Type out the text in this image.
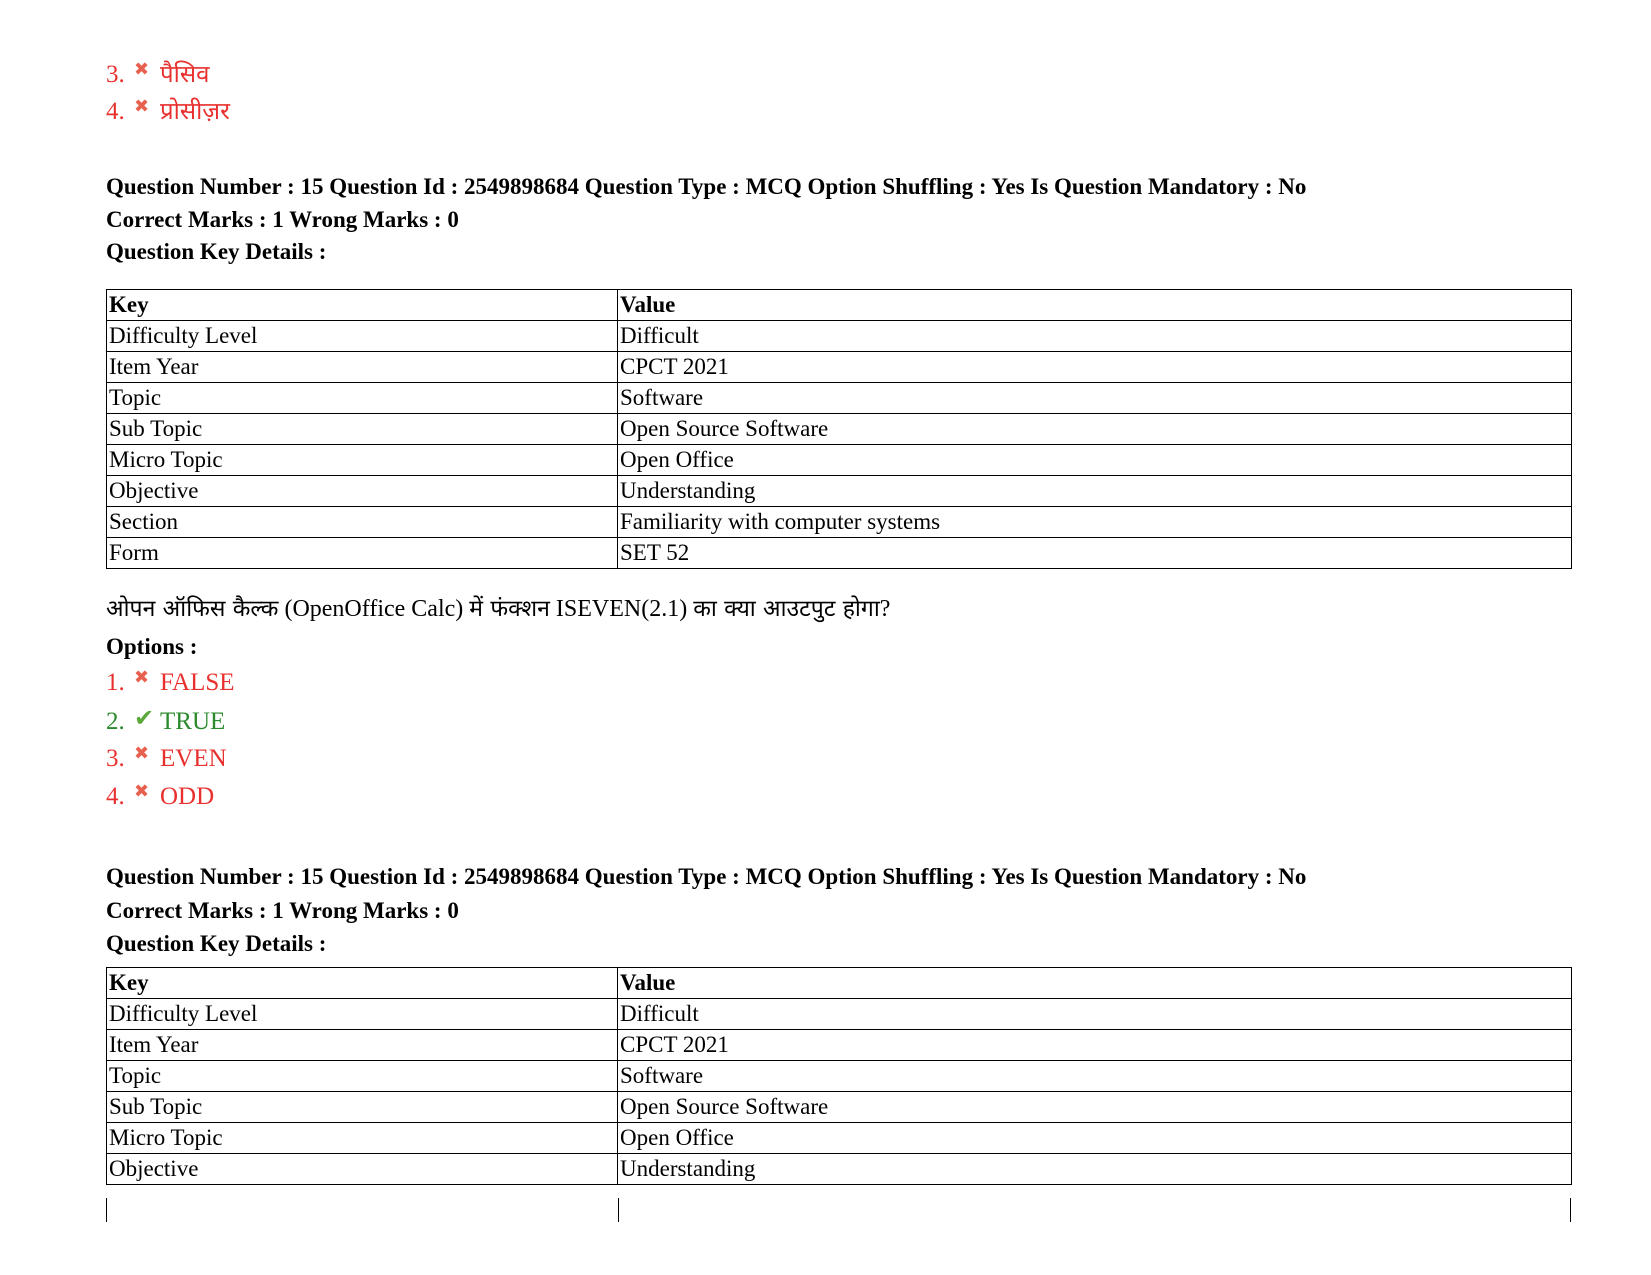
3. ✖ पैसिव
4. ✖ प्रोसीज़र
Question Number : 15 Question Id : 2549898684 Question Type : MCQ Option Shuffling : Yes Is Question Mandatory : No
Correct Marks : 1 Wrong Marks : 0
Question Key Details :
Key	Value
Difficulty Level	Difficult
Item Year	CPCT 2021
Topic	Software
Sub Topic	Open Source Software
Micro Topic	Open Office
Objective	Understanding
Section	Familiarity with computer systems
Form	SET 52
ओपन ऑफिस कैल्क (OpenOffice Calc) में फंक्शन ISEVEN(2.1) का क्या आउटपुट होगा?
Options :
1. ✖ FALSE
2. ✔ TRUE
3. ✖ EVEN
4. ✖ ODD
Question Number : 15 Question Id : 2549898684 Question Type : MCQ Option Shuffling : Yes Is Question Mandatory : No
Correct Marks : 1 Wrong Marks : 0
Question Key Details :
Key	Value
Difficulty Level	Difficult
Item Year	CPCT 2021
Topic	Software
Sub Topic	Open Source Software
Micro Topic	Open Office
Objective	Understanding
